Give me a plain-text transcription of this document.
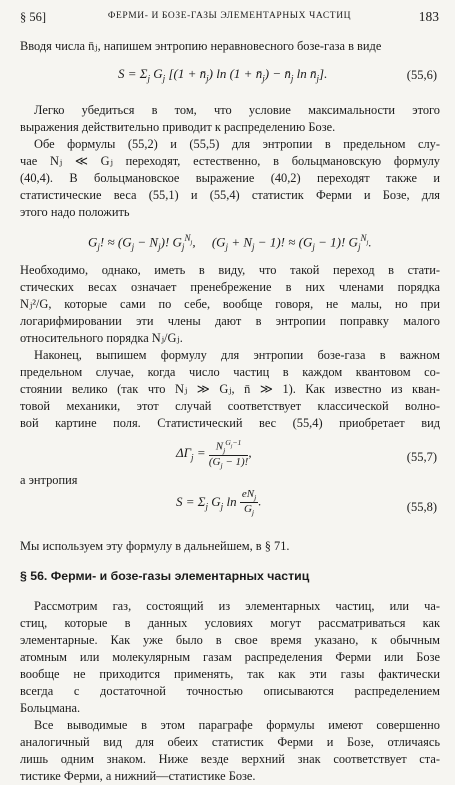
§ 56]	ФЕРМИ- И БОЗЕ-ГАЗЫ ЭЛЕМЕНТАРНЫХ ЧАСТИЦ	183
Вводя числа n̄ⱼ, напишем энтропию неравновесного бозе-газа в виде
$S = \Sigma_j$ $G_j$ [$(1 + n̄_j)$ $\ln (1 + n̄_j)$ − $n̄_j$ $\ln n̄_j$].	(55,6)
Легко убедиться в том, что условие максимальности этого
выражения действительно приводит к распределению Бозе.
Обе формулы (55,2) и (55,5) для энтропии в предельном слу-
чае Nⱼ ≪ Gⱼ переходят, естественно, в больцмановскую формулу
(40,4). В больцмановское выражение (40,2) переходят также и
статистические веса (55,1) и (55,4) статистик Ферми и Бозе, для
этого надо положить
$G_j$! ≈ $(G_j - N_j)$! $G_j^{N_j}$,     $(G_j + N_j - 1)$! ≈ $(G_j - 1)$! $G_j^{N_j}$.
Необходимо, однако, иметь в виду, что такой переход в стати-
стических весах означает пренебрежение в них членами порядка
Nⱼ²/G, которые сами по себе, вообще говоря, не малы, но при
логарифмировании эти члены дают в энтропии поправку малого
относительного порядка Nⱼ/Gⱼ.
Наконец, выпишем формулу для энтропии бозе-газа в важном
предельном случае, когда число частиц в каждом квантовом со-
стоянии велико (так что Nⱼ ≫ Gⱼ, n̄ ≫ 1). Как известно из кван-
товой механики, этот случай соответствует классической волно-
вой картине поля. Статистический вес (55,4) приобретает вид
$\Delta\Gamma_j = N_j^{G_j-1}$
$(G_j - 1)$!
,	(55,7)
а энтропия
$S = \Sigma_j$ $G_j$ $\ln eN_j$
$G_j$
.	(55,8)
Мы используем эту формулу в дальнейшем, в § 71.
§ 56. Ферми- и бозе-газы элементарных частиц
Рассмотрим газ, состоящий из элементарных частиц, или ча-
стиц, которые в данных условиях могут рассматриваться как
элементарные. Как уже было в свое время указано, к обычным
атомным или молекулярным газам распределения Ферми или Бозе
вообще не приходится применять, так как эти газы фактически
всегда с достаточной точностью описываются распределением
Больцмана.
Все выводимые в этом параграфе формулы имеют совершенно
аналогичный вид для обеих статистик Ферми и Бозе, отличаясь
лишь одним знаком. Ниже везде верхний знак соответствует ста-
тистике Ферми, а нижний—статистике Бозе.
